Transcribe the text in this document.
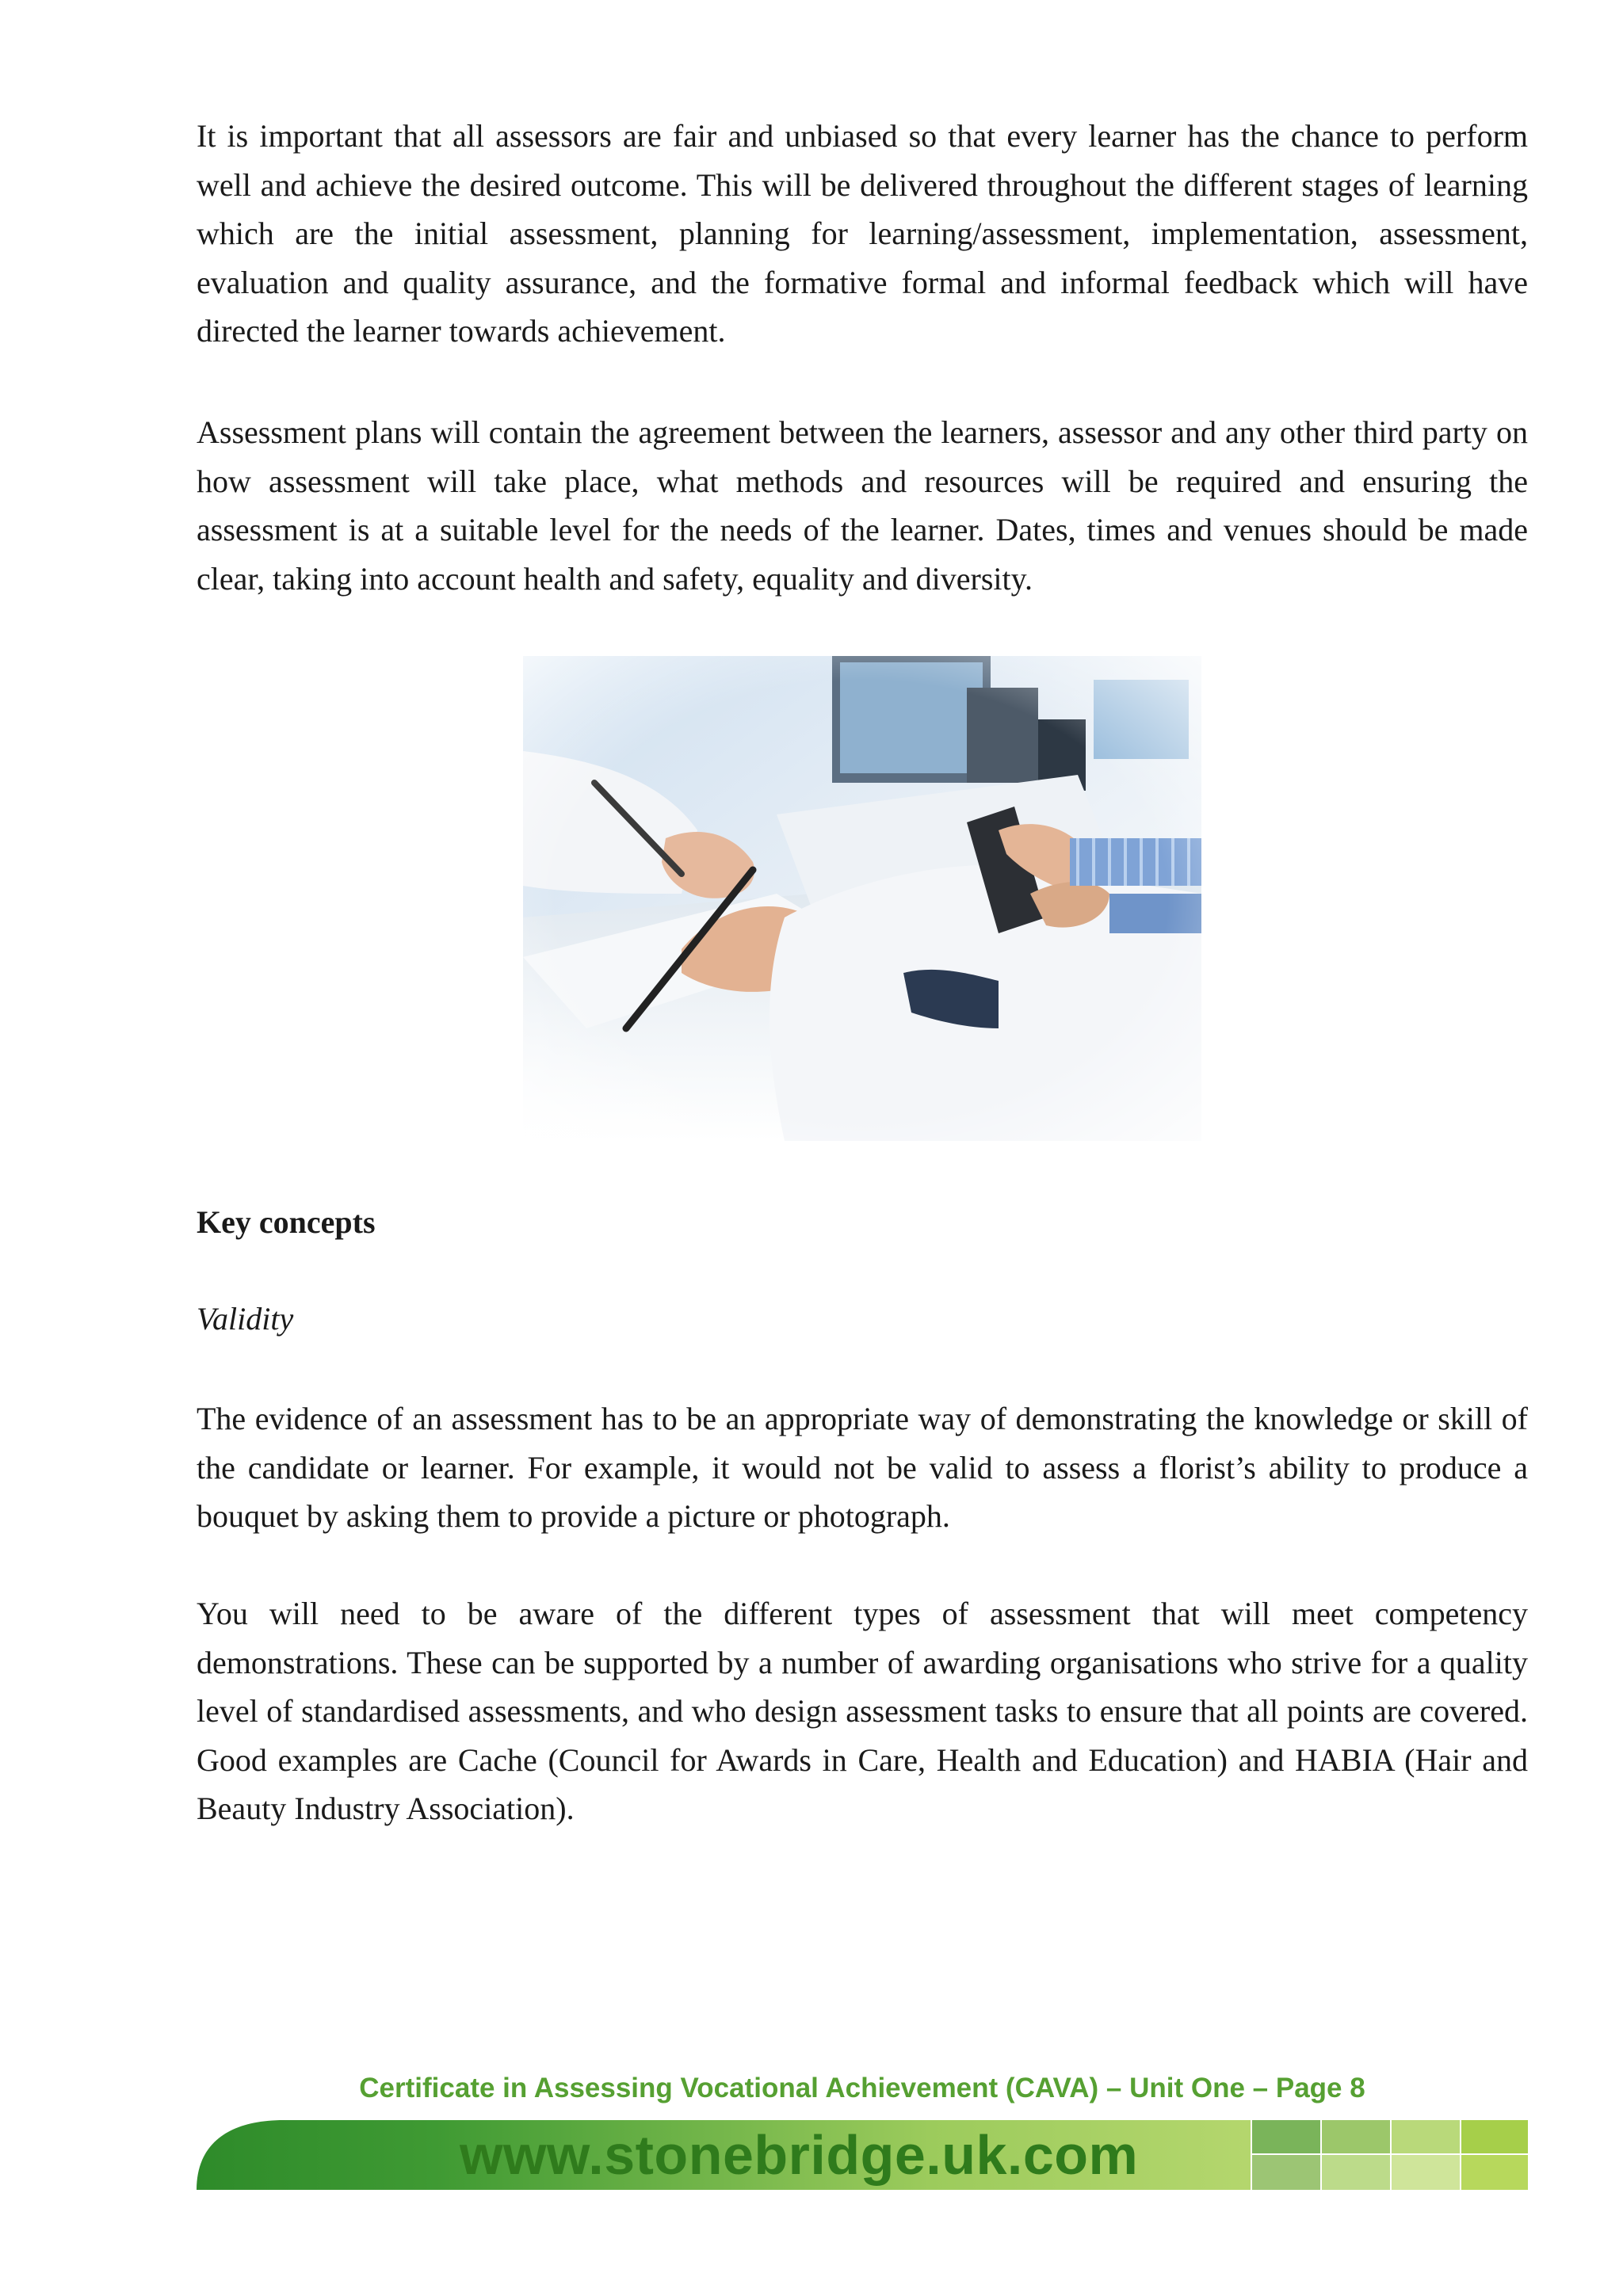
It is important that all assessors are fair and unbiased so that every learner has the chance to perform well and achieve the desired outcome. This will be delivered throughout the different stages of learning which are the initial assessment, planning for learning/assessment, implementation, assessment, evaluation and quality assurance, and the formative formal and informal feedback which will have directed the learner towards achievement.

Assessment plans will contain the agreement between the learners, assessor and any other third party on how assessment will take place, what methods and resources will be required and ensuring the assessment is at a suitable level for the needs of the learner. Dates, times and venues should be made clear, taking into account health and safety, equality and diversity.

Key concepts

Validity

The evidence of an assessment has to be an appropriate way of demonstrating the knowledge or skill of the candidate or learner. For example, it would not be valid to assess a florist’s ability to produce a bouquet by asking them to provide a picture or photograph.

You will need to be aware of the different types of assessment that will meet competency demonstrations. These can be supported by a number of awarding organisations who strive for a quality level of standardised assessments, and who design assessment tasks to ensure that all points are covered. Good examples are Cache (Council for Awards in Care, Health and Education) and HABIA (Hair and Beauty Industry Association).

Certificate in Assessing Vocational Achievement (CAVA) – Unit One – Page 8
www.stonebridge.uk.com
